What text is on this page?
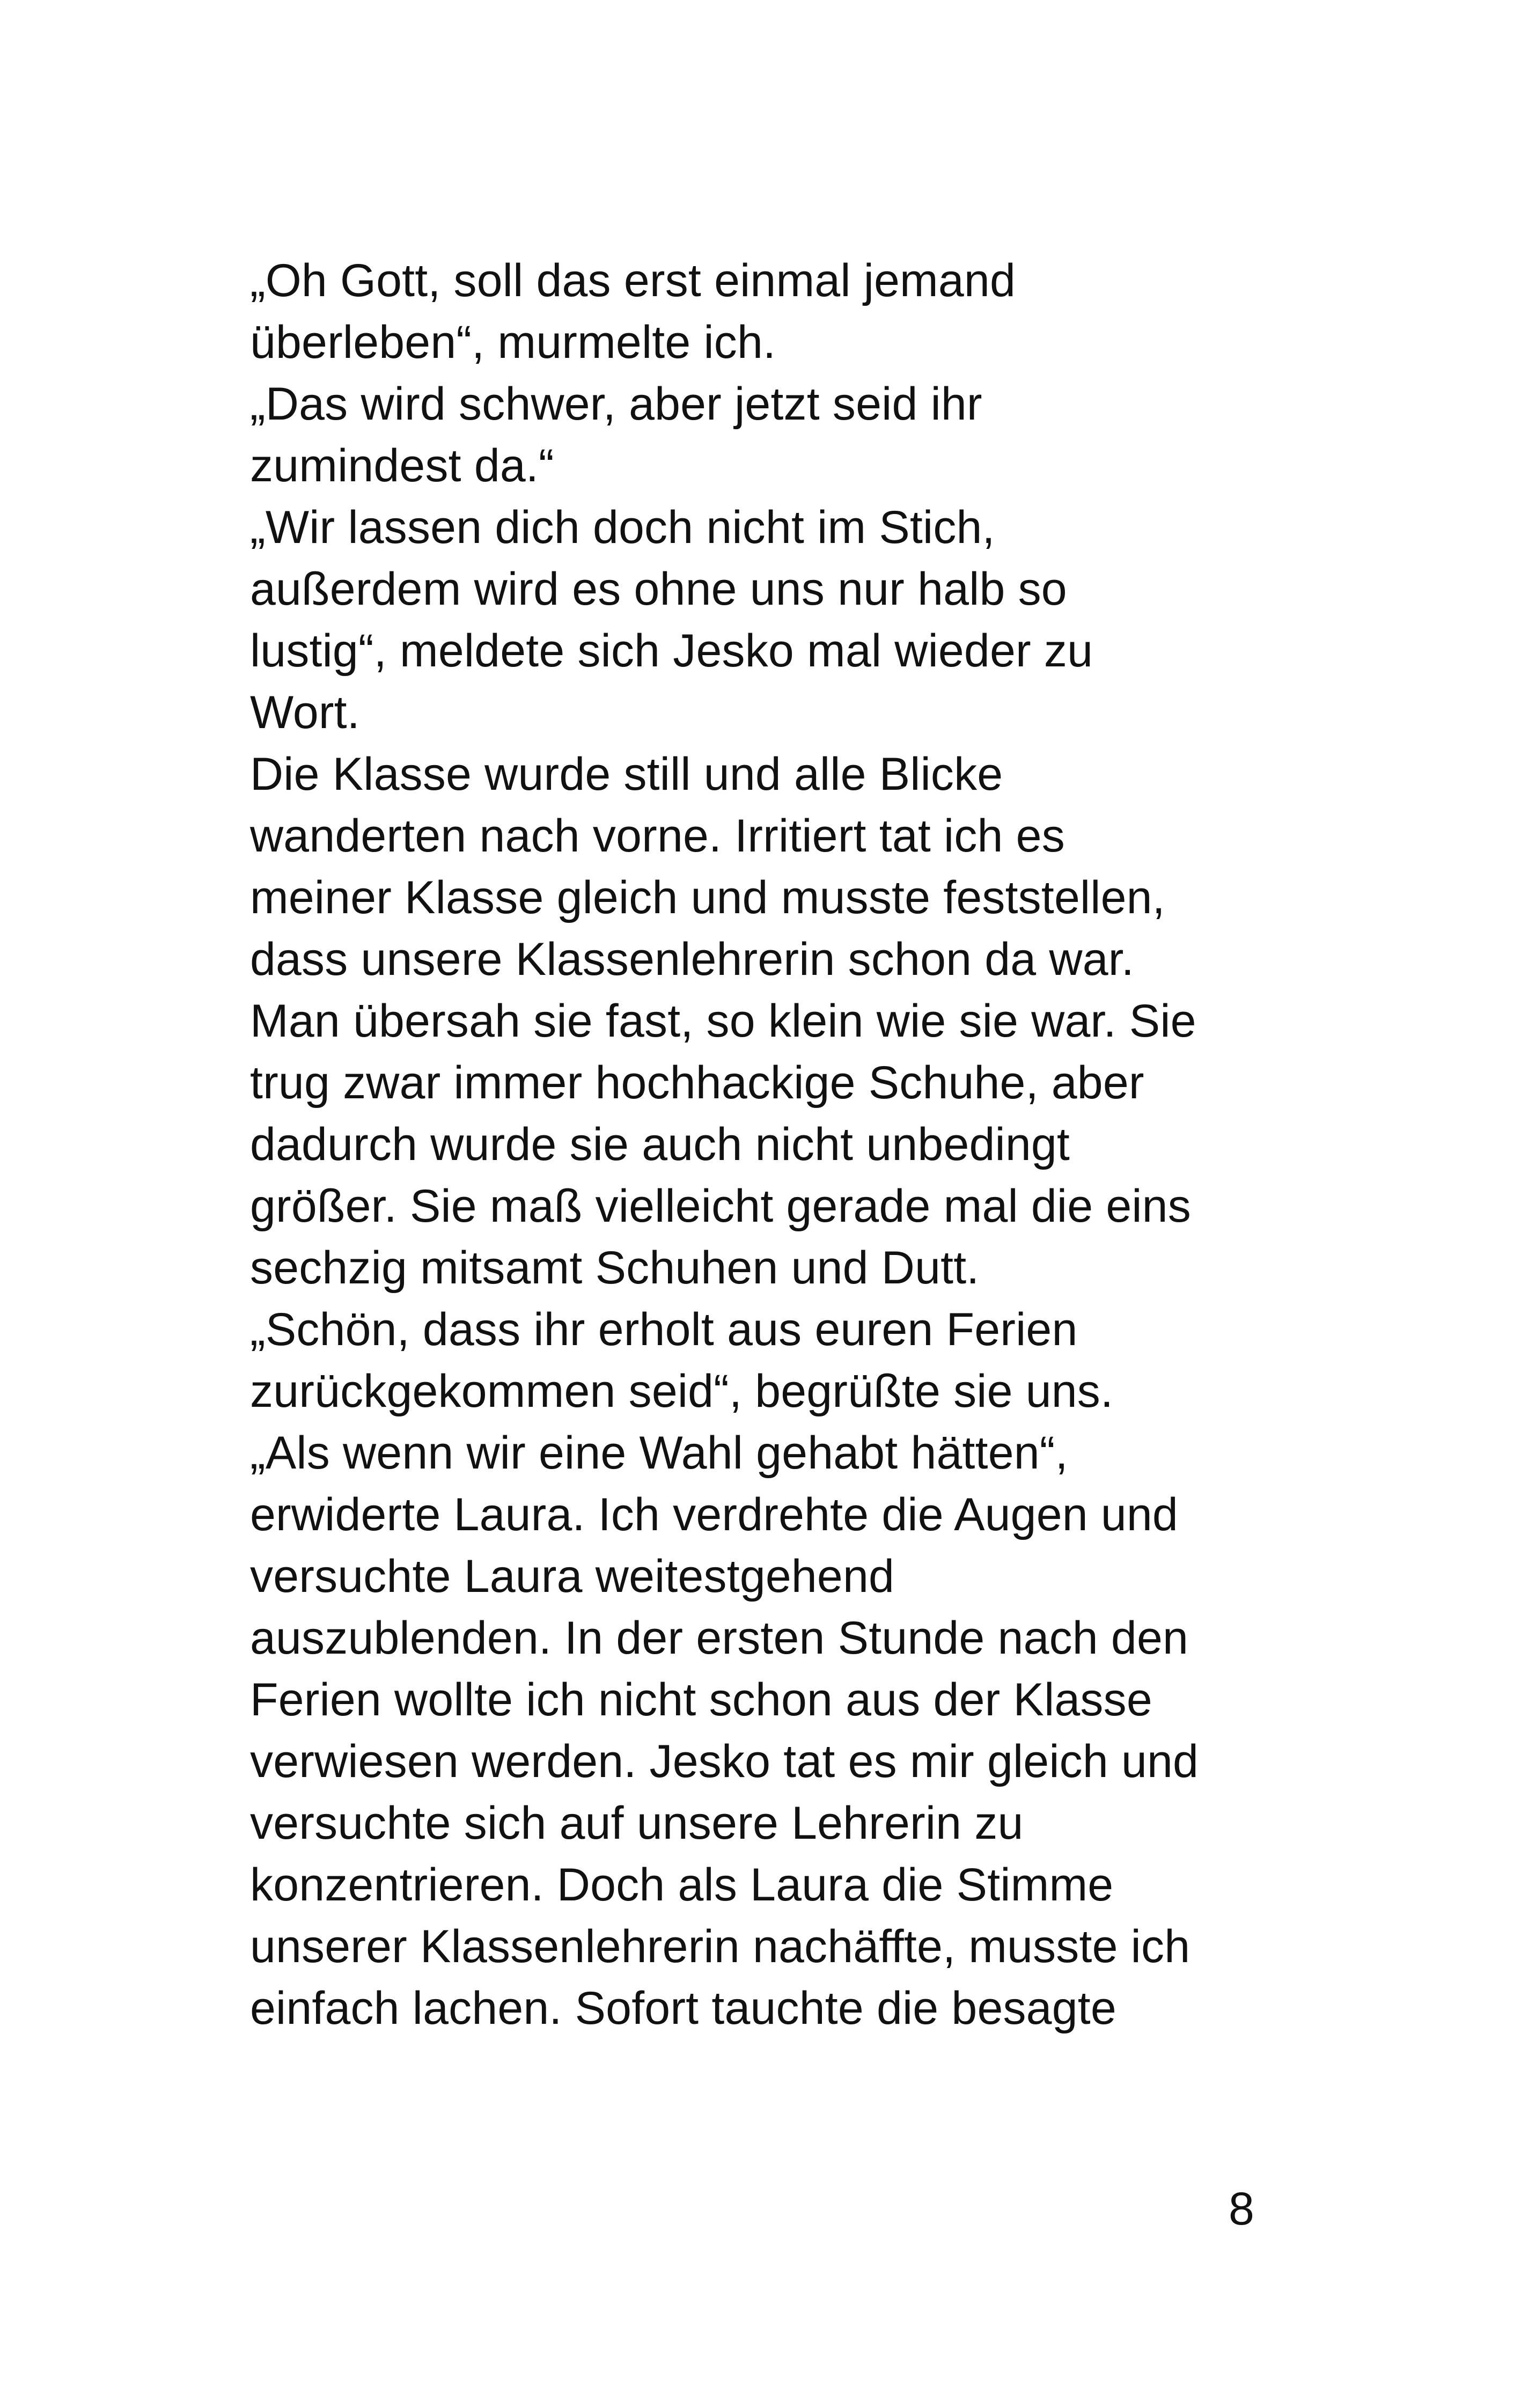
„Oh Gott, soll das erst einmal jemand
überleben“, murmelte ich.
„Das wird schwer, aber jetzt seid ihr
zumindest da.“
„Wir lassen dich doch nicht im Stich,
außerdem wird es ohne uns nur halb so
lustig“, meldete sich Jesko mal wieder zu
Wort.
Die Klasse wurde still und alle Blicke
wanderten nach vorne. Irritiert tat ich es
meiner Klasse gleich und musste feststellen,
dass unsere Klassenlehrerin schon da war.
Man übersah sie fast, so klein wie sie war. Sie
trug zwar immer hochhackige Schuhe, aber
dadurch wurde sie auch nicht unbedingt
größer. Sie maß vielleicht gerade mal die eins
sechzig mitsamt Schuhen und Dutt.
„Schön, dass ihr erholt aus euren Ferien
zurückgekommen seid“, begrüßte sie uns.
„Als wenn wir eine Wahl gehabt hätten“,
erwiderte Laura. Ich verdrehte die Augen und
versuchte Laura weitestgehend
auszublenden. In der ersten Stunde nach den
Ferien wollte ich nicht schon aus der Klasse
verwiesen werden. Jesko tat es mir gleich und
versuchte sich auf unsere Lehrerin zu
konzentrieren. Doch als Laura die Stimme
unserer Klassenlehrerin nachäffte, musste ich
einfach lachen. Sofort tauchte die besagte
8
